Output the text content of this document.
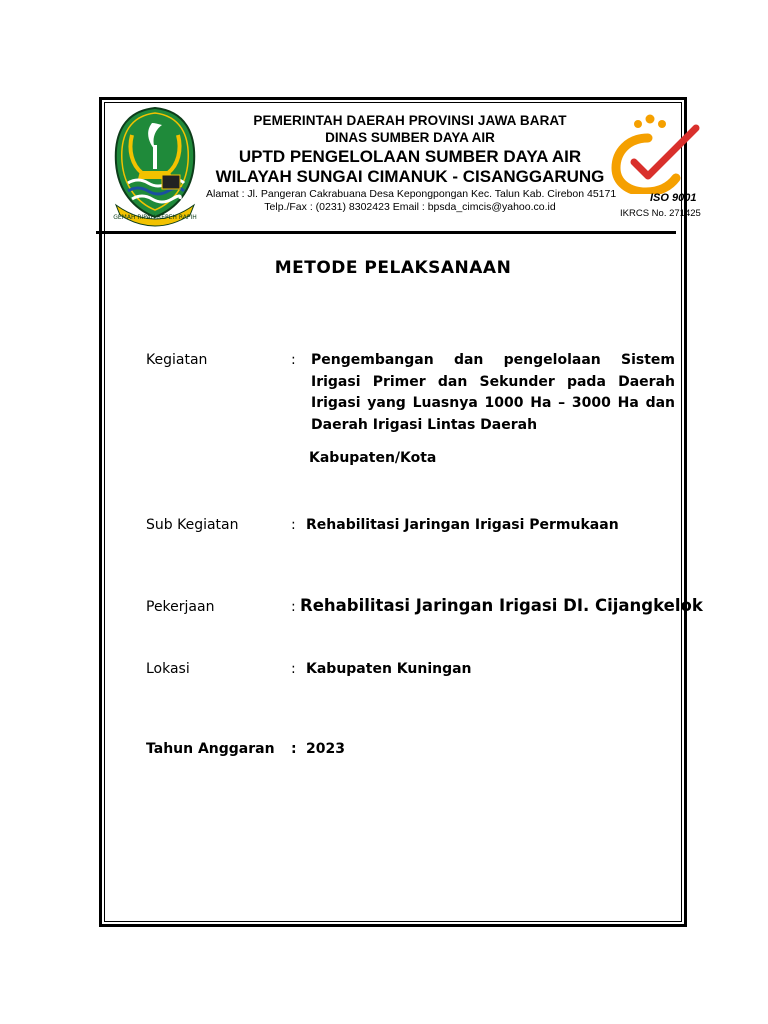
GEMAH RIPAH REPEH RAPIH
PEMERINTAH DAERAH PROVINSI JAWA BARAT
DINAS SUMBER DAYA AIR
UPTD PENGELOLAAN SUMBER DAYA AIR
WILAYAH SUNGAI CIMANUK - CISANGGARUNG
Alamat : Jl. Pangeran Cakrabuana Desa Kepongpongan Kec. Talun Kab. Cirebon 45171
Telp./Fax : (0231) 8302423 Email : bpsda_cimcis@yahoo.co.id
ISO 9001
IKRCS No. 271425
METODE PELAKSANAAN
Kegiatan	: Pengembangan dan pengelolaan Sistem Irigasi Primer dan Sekunder pada Daerah Irigasi yang Luasnya 1000 Ha – 3000 Ha dan Daerah Irigasi Lintas Daerah
Kabupaten/Kota
Sub Kegiatan	: Rehabilitasi Jaringan Irigasi Permukaan
Pekerjaan	: Rehabilitasi Jaringan Irigasi DI. Cijangkelok
Lokasi	: Kabupaten Kuningan
Tahun Anggaran : 2023
